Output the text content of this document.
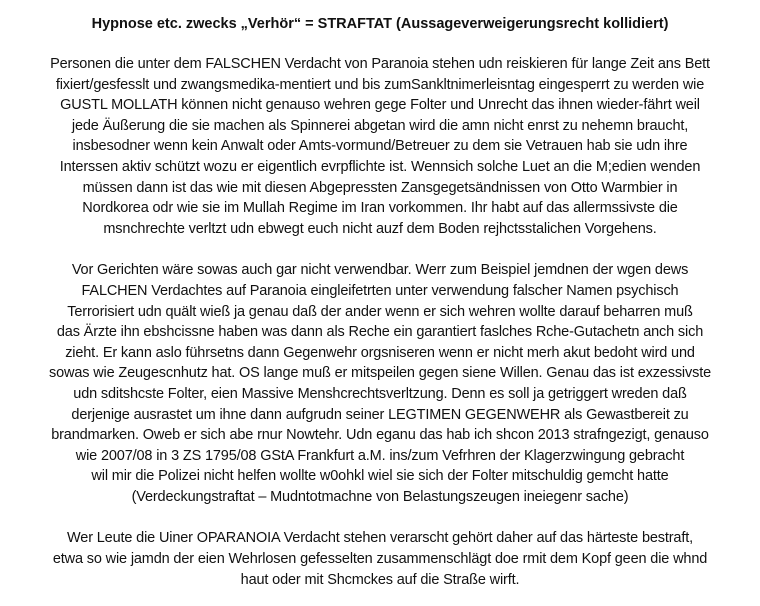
Hypnose etc. zwecks „Verhör“ = STRAFTAT (Aussageverweigerungsrecht kollidiert)
Personen die unter dem FALSCHEN Verdacht von Paranoia stehen udn reiskieren für lange Zeit ans Bett
fixiert/gesfesslt und zwangsmedika-mentiert und bis zumSankltnimerleisntag eingesperrt zu werden wie
GUSTL MOLLATH können nicht genauso wehren gege Folter und Unrecht das ihnen wieder-fährt weil
jede Äußerung die sie machen als Spinnerei abgetan wird die amn nicht enrst zu nehemn braucht,
insbesodner wenn kein Anwalt oder Amts-vormund/Betreuer zu dem sie Vetrauen hab sie udn ihre
Interssen aktiv schützt wozu er eigentlich evrpflichte ist. Wennsich solche Luet an die M;edien wenden
müssen dann ist das wie mit diesen Abgepressten Zansgegetsändnissen von Otto Warmbier in
Nordkorea odr wie sie im Mullah Regime im Iran vorkommen. Ihr habt auf das allermssivste die
msnchrechte verltzt udn ebwegt euch nicht auzf dem Boden rejhctsstalichen Vorgehens.
Vor Gerichten wäre sowas auch gar nicht verwendbar. Werr zum Beispiel jemdnen der wgen dews
FALCHEN Verdachtes auf Paranoia eingleifetrten unter verwendung falscher Namen psychisch
Terrorisiert udn quält wieß ja genau daß der ander wenn er sich wehren wollte darauf beharren muß
das Ärzte ihn ebshcissne haben was dann als Reche ein garantiert faslches Rche-Gutachetn anch sich
zieht. Er kann aslo führsetns dann Gegenwehr orgsniseren wenn er nicht merh akut bedoht wird und
sowas wie Zeugescnhutz hat. OS lange muß er mitspeilen gegen siene Willen. Genau das ist exzessivste
udn sditshcste Folter, eien Massive Menshcrechtsverltzung. Denn es soll ja getriggert wreden daß
derjenige ausrastet um ihne dann aufgrudn seiner LEGTIMEN GEGENWEHR als Gewastbereit zu
brandmarken. Oweb er sich abe rnur Nowtehr. Udn eganu das hab ich shcon 2013 strafngezigt, genauso
wie 2007/08 in 3 ZS 1795/08 GStA Frankfurt a.M. ins/zum Vefrhren der Klagerzwingung gebracht
wil mir die Polizei nicht helfen wollte w0ohkl wiel sie sich der Folter mitschuldig gemcht hatte
(Verdeckungstraftat – Mudntotmachne von Belastungszeugen ineiegenr sache)
Wer Leute die Uiner OPARANOIA Verdacht stehen verarscht gehört daher auf das härteste bestraft,
etwa so wie jamdn der eien Wehrlosen gefesselten zusammenschlägt doe rmit dem Kopf geen die whnd
haut oder mit Shcmckes auf die Straße wirft.
